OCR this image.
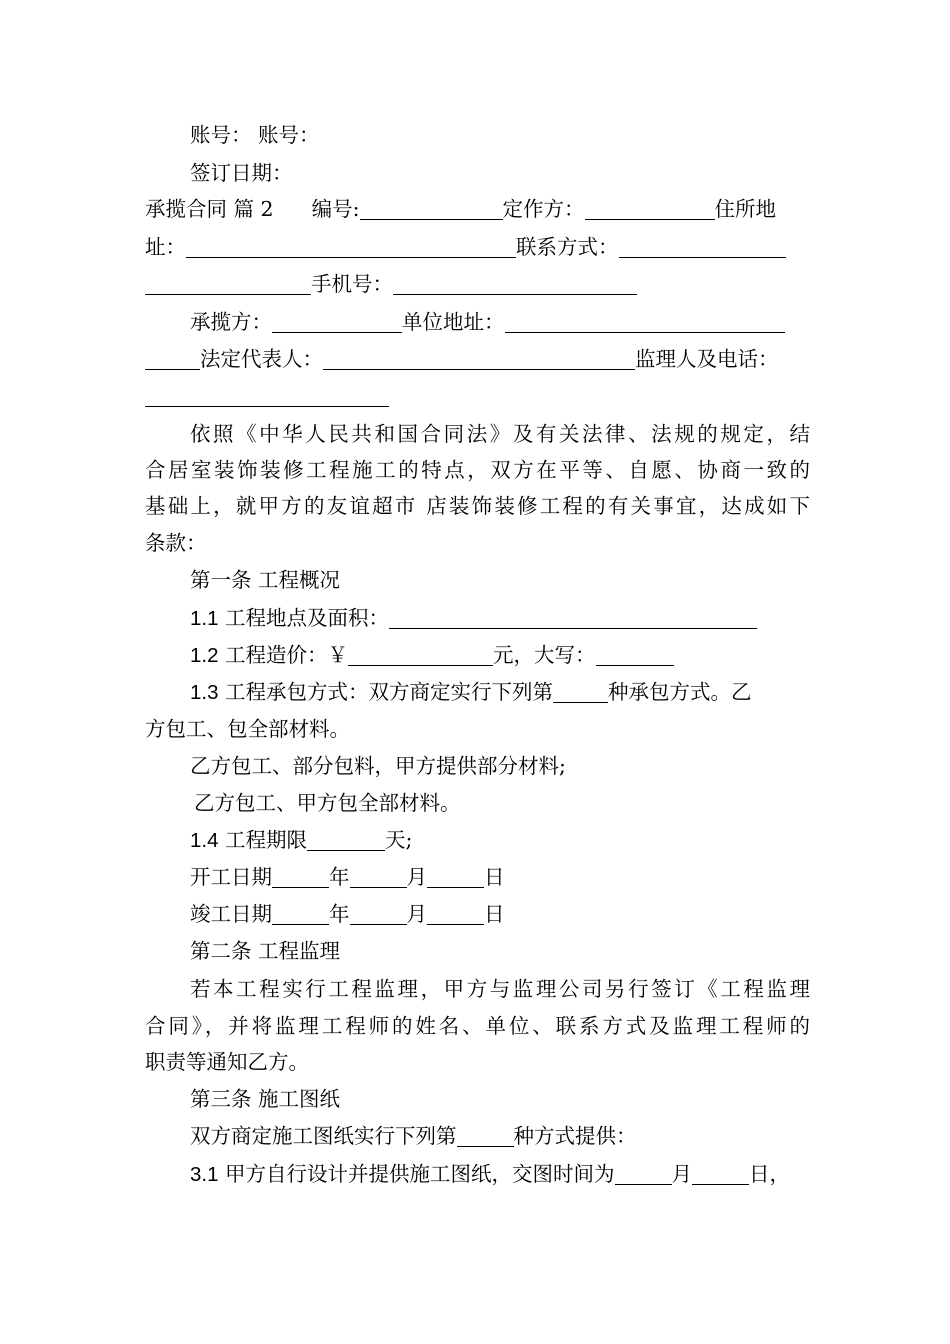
账号： 账号：
签订日期：
承揽合同 篇 2 编号:	定作方：	住所地
址：	联系方式：
手机号：
承揽方：	单位地址：
法定代表人：	监理人及电话：
依照《中华人民共和国合同法》及有关法律、法规的规定，结
合居室装饰装修工程施工的特点，双方在平等、自愿、协商一致的
基础上，就甲方的友谊超市 店装饰装修工程的有关事宜，达成如下
条款：
第一条 工程概况
1.1 工程地点及面积：
1.2 工程造价：￥	元，大写：
1.3 工程承包方式：双方商定实行下列第	种承包方式。乙
方包工、包全部材料。
乙方包工、部分包料，甲方提供部分材料;
乙方包工、甲方包全部材料。
1.4 工程期限	天;
开工日期	年	月	日
竣工日期	年	月	日
第二条 工程监理
若本工程实行工程监理，甲方与监理公司另行签订《工程监理
合同》，并将监理工程师的姓名、单位、联系方式及监理工程师的
职责等通知乙方。
第三条 施工图纸
双方商定施工图纸实行下列第	种方式提供：
3.1 甲方自行设计并提供施工图纸，交图时间为	月	日，
